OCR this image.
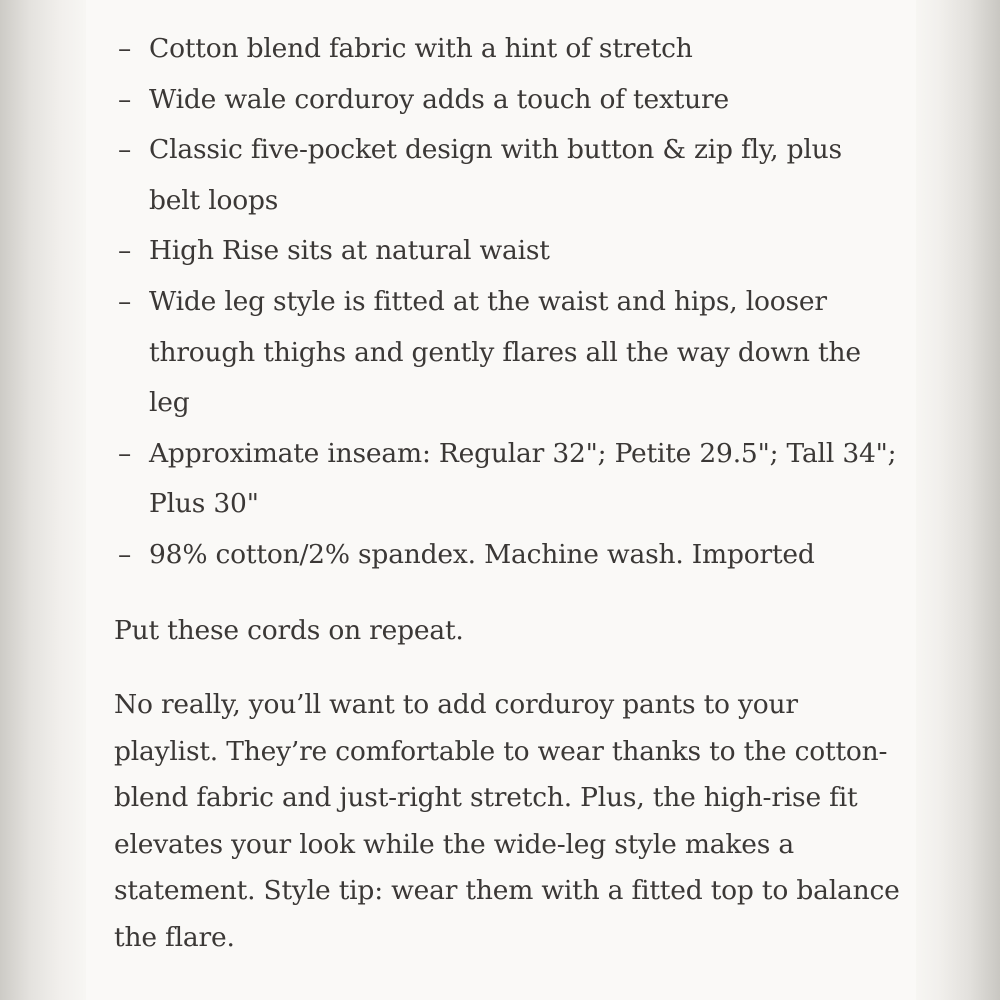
– Cotton blend fabric with a hint of stretch
– Wide wale corduroy adds a touch of texture
– Classic five-pocket design with button & zip fly, plus belt loops
– High Rise sits at natural waist
– Wide leg style is fitted at the waist and hips, looser through thighs and gently flares all the way down the leg
– Approximate inseam: Regular 32"; Petite 29.5"; Tall 34"; Plus 30"
– 98% cotton/2% spandex. Machine wash. Imported

Put these cords on repeat.

No really, you’ll want to add corduroy pants to your playlist. They’re comfortable to wear thanks to the cotton-blend fabric and just-right stretch. Plus, the high-rise fit elevates your look while the wide-leg style makes a statement. Style tip: wear them with a fitted top to balance the flare.
